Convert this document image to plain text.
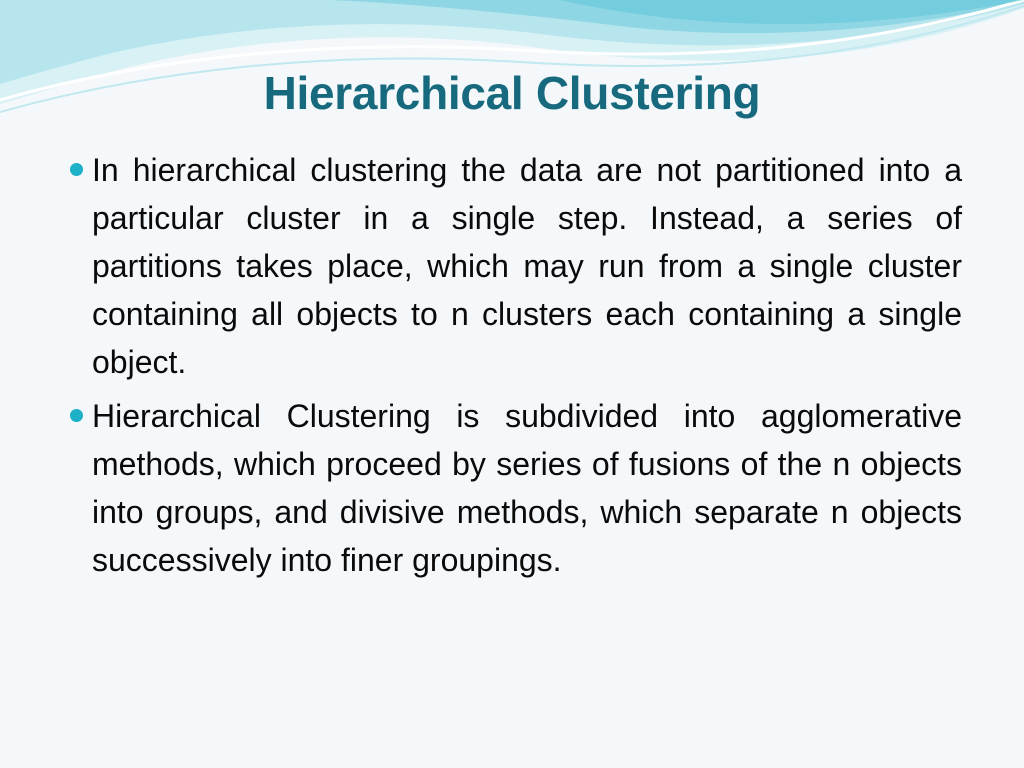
Hierarchical Clustering
In hierarchical clustering the data are not partitioned into a particular cluster in a single step. Instead, a series of partitions takes place, which may run from a single cluster containing all objects to n clusters each containing a single object.
Hierarchical Clustering is subdivided into agglomerative methods, which proceed by series of fusions of the n objects into groups, and divisive methods, which separate n objects successively into finer groupings.
